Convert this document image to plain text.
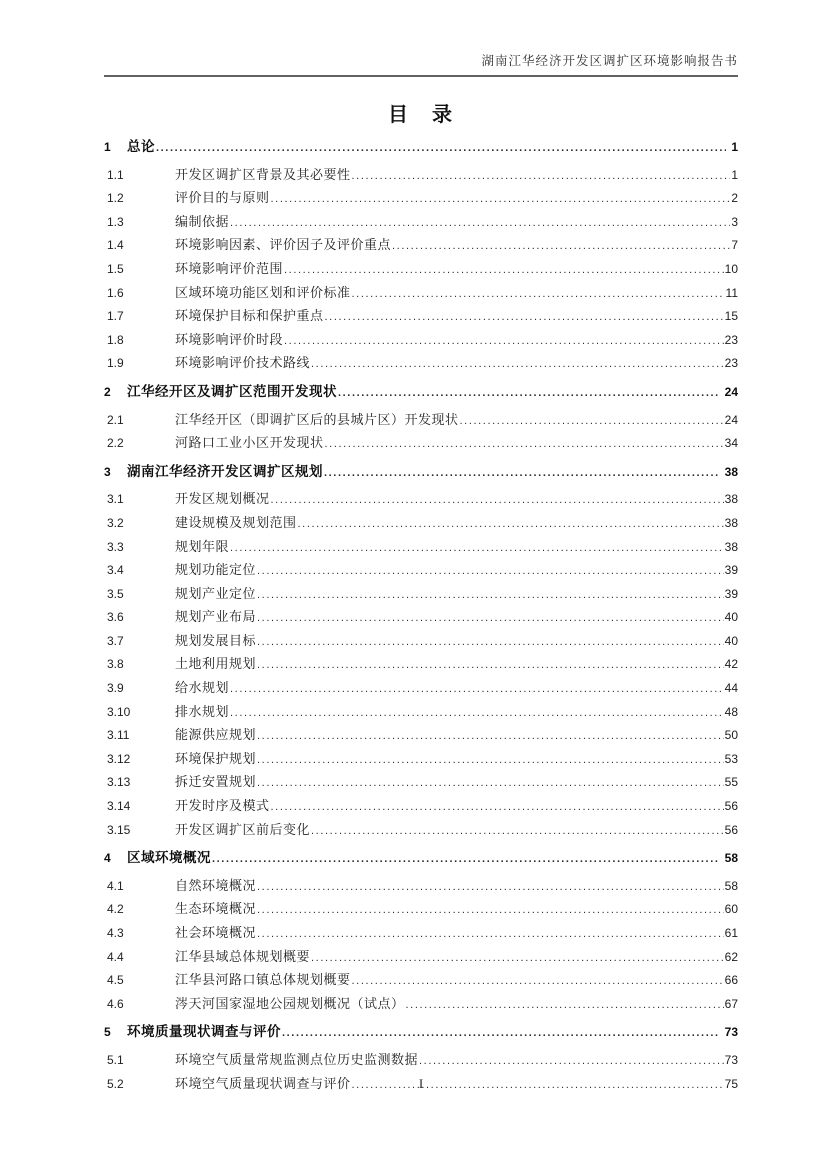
湖南江华经济开发区调扩区环境影响报告书
目　录
1	总论 .....	1
1.1	开发区调扩区背景及其必要性 .....	1
1.2	评价目的与原则 .....	2
1.3	编制依据 .....	3
1.4	环境影响因素、评价因子及评价重点 .....	7
1.5	环境影响评价范围 .....	10
1.6	区域环境功能区划和评价标准 .....	11
1.7	环境保护目标和保护重点 .....	15
1.8	环境影响评价时段 .....	23
1.9	环境影响评价技术路线 .....	23
2	江华经开区及调扩区范围开发现状 .....	24
2.1	江华经开区（即调扩区后的县城片区）开发现状 .....	24
2.2	河路口工业小区开发现状 .....	34
3	湖南江华经济开发区调扩区规划 .....	38
3.1	开发区规划概况 .....	38
3.2	建设规模及规划范围 .....	38
3.3	规划年限 .....	38
3.4	规划功能定位 .....	39
3.5	规划产业定位 .....	39
3.6	规划产业布局 .....	40
3.7	规划发展目标 .....	40
3.8	土地利用规划 .....	42
3.9	给水规划 .....	44
3.10	排水规划 .....	48
3.11	能源供应规划 .....	50
3.12	环境保护规划 .....	53
3.13	拆迁安置规划 .....	55
3.14	开发时序及模式 .....	56
3.15	开发区调扩区前后变化 .....	56
4	区域环境概况 .....	58
4.1	自然环境概况 .....	58
4.2	生态环境概况 .....	60
4.3	社会环境概况 .....	61
4.4	江华县域总体规划概要 .....	62
4.5	江华县河路口镇总体规划概要 .....	66
4.6	涔天河国家湿地公园规划概况（试点） .....	67
5	环境质量现状调查与评价 .....	73
5.1	环境空气质量常规监测点位历史监测数据 .....	73
5.2	环境空气质量现状调查与评价 .....	75
I
